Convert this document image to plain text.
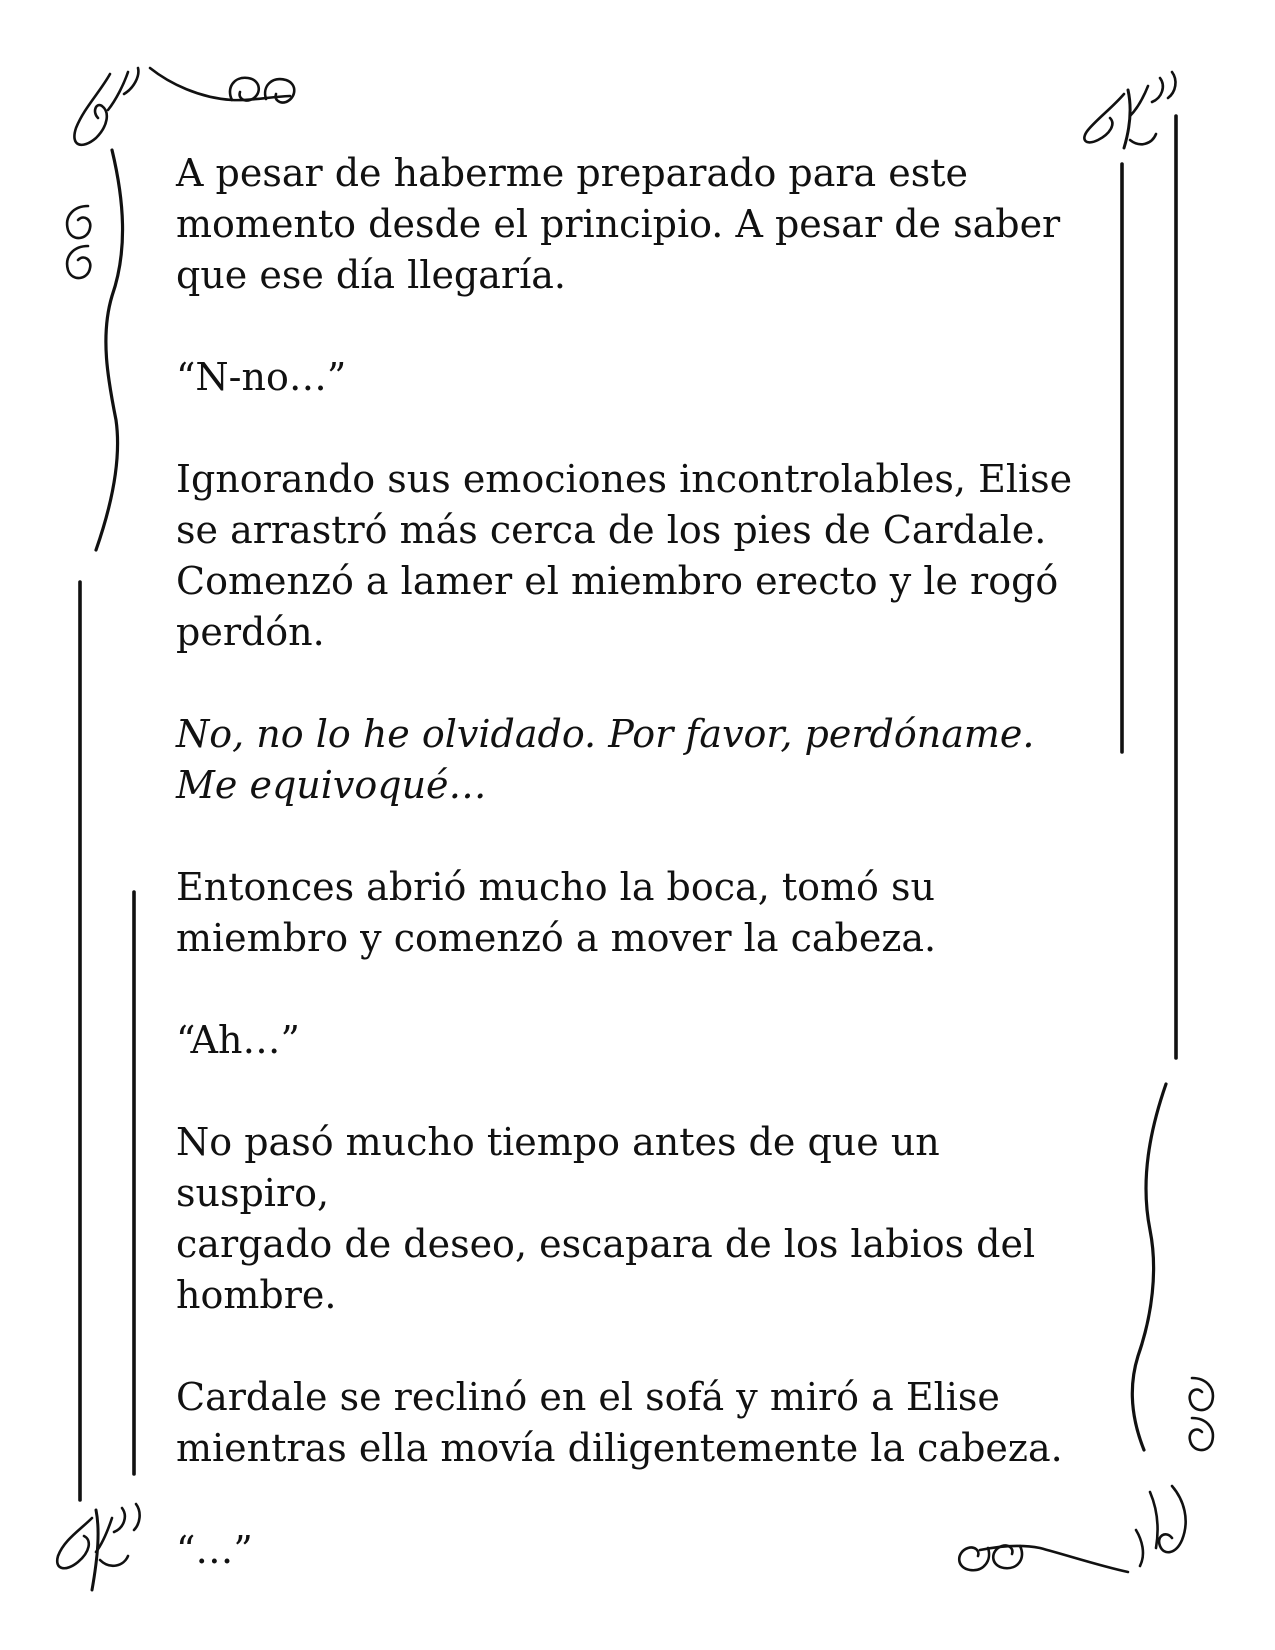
A pesar de haberme preparado para este
momento desde el principio. A pesar de saber
que ese día llegaría.

“N-no…”

Ignorando sus emociones incontrolables, Elise
se arrastró más cerca de los pies de Cardale.
Comenzó a lamer el miembro erecto y le rogó
perdón.

No, no lo he olvidado. Por favor, perdóname.
Me equivoqué…

Entonces abrió mucho la boca, tomó su
miembro y comenzó a mover la cabeza.

“Ah…”

No pasó mucho tiempo antes de que un suspiro,
cargado de deseo, escapara de los labios del
hombre.

Cardale se reclinó en el sofá y miró a Elise
mientras ella movía diligentemente la cabeza.

“…”
